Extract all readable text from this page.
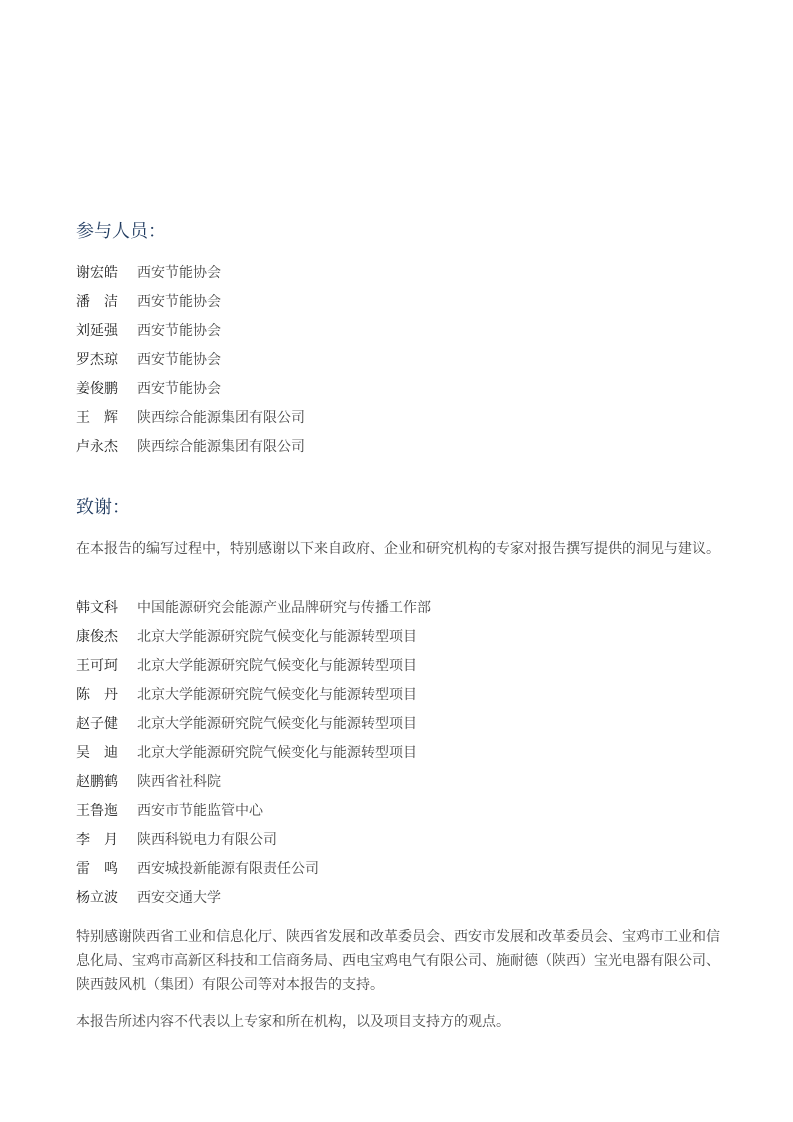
参与人员：
谢宏皓	西安节能协会
潘　洁	西安节能协会
刘延强	西安节能协会
罗杰琼	西安节能协会
姜俊鹏	西安节能协会
王　辉	陕西综合能源集团有限公司
卢永杰	陕西综合能源集团有限公司
致谢：

在本报告的编写过程中，特别感谢以下来自政府、企业和研究机构的专家对报告撰写提供的洞见与建议。

韩文科	中国能源研究会能源产业品牌研究与传播工作部
康俊杰	北京大学能源研究院气候变化与能源转型项目
王可珂	北京大学能源研究院气候变化与能源转型项目
陈　丹	北京大学能源研究院气候变化与能源转型项目
赵子健	北京大学能源研究院气候变化与能源转型项目
吴　迪	北京大学能源研究院气候变化与能源转型项目
赵鹏鹤	陕西省社科院
王鲁迤	西安市节能监管中心
李　月	陕西科锐电力有限公司
雷　鸣	西安城投新能源有限责任公司
杨立波	西安交通大学

特别感谢陕西省工业和信息化厅、陕西省发展和改革委员会、西安市发展和改革委员会、宝鸡市工业和信息化局、宝鸡市高新区科技和工信商务局、西电宝鸡电气有限公司、施耐德（陕西）宝光电器有限公司、陕西鼓风机（集团）有限公司等对本报告的支持。

本报告所述内容不代表以上专家和所在机构，以及项目支持方的观点。
